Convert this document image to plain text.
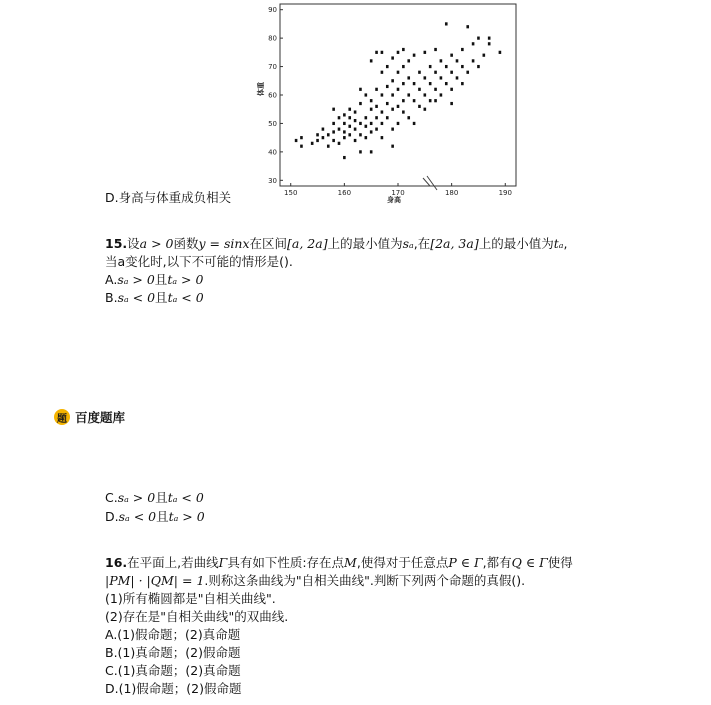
30
40
50
60
70
80
90
150	160	170	180	190
体重
身高
D.身高与体重成负相关
15.设a > 0函数y = sinx在区间[a, 2a]上的最小值为sₐ,在[2a, 3a]上的最小值为tₐ,
当a变化时,以下不可能的情形是().
A.sₐ > 0且tₐ > 0
B.sₐ < 0且tₐ < 0
题 百度题库
C.sₐ > 0且tₐ < 0
D.sₐ < 0且tₐ > 0
16.在平面上,若曲线Γ具有如下性质:存在点M,使得对于任意点P ∈ Γ,都有Q ∈ Γ使得
|PM| · |QM| = 1.则称这条曲线为"自相关曲线".判断下列两个命题的真假().
(1)所有椭圆都是"自相关曲线".
(2)存在是"自相关曲线"的双曲线.
A.(1)假命题；(2)真命题
B.(1)真命题；(2)假命题
C.(1)真命题；(2)真命题
D.(1)假命题；(2)假命题
